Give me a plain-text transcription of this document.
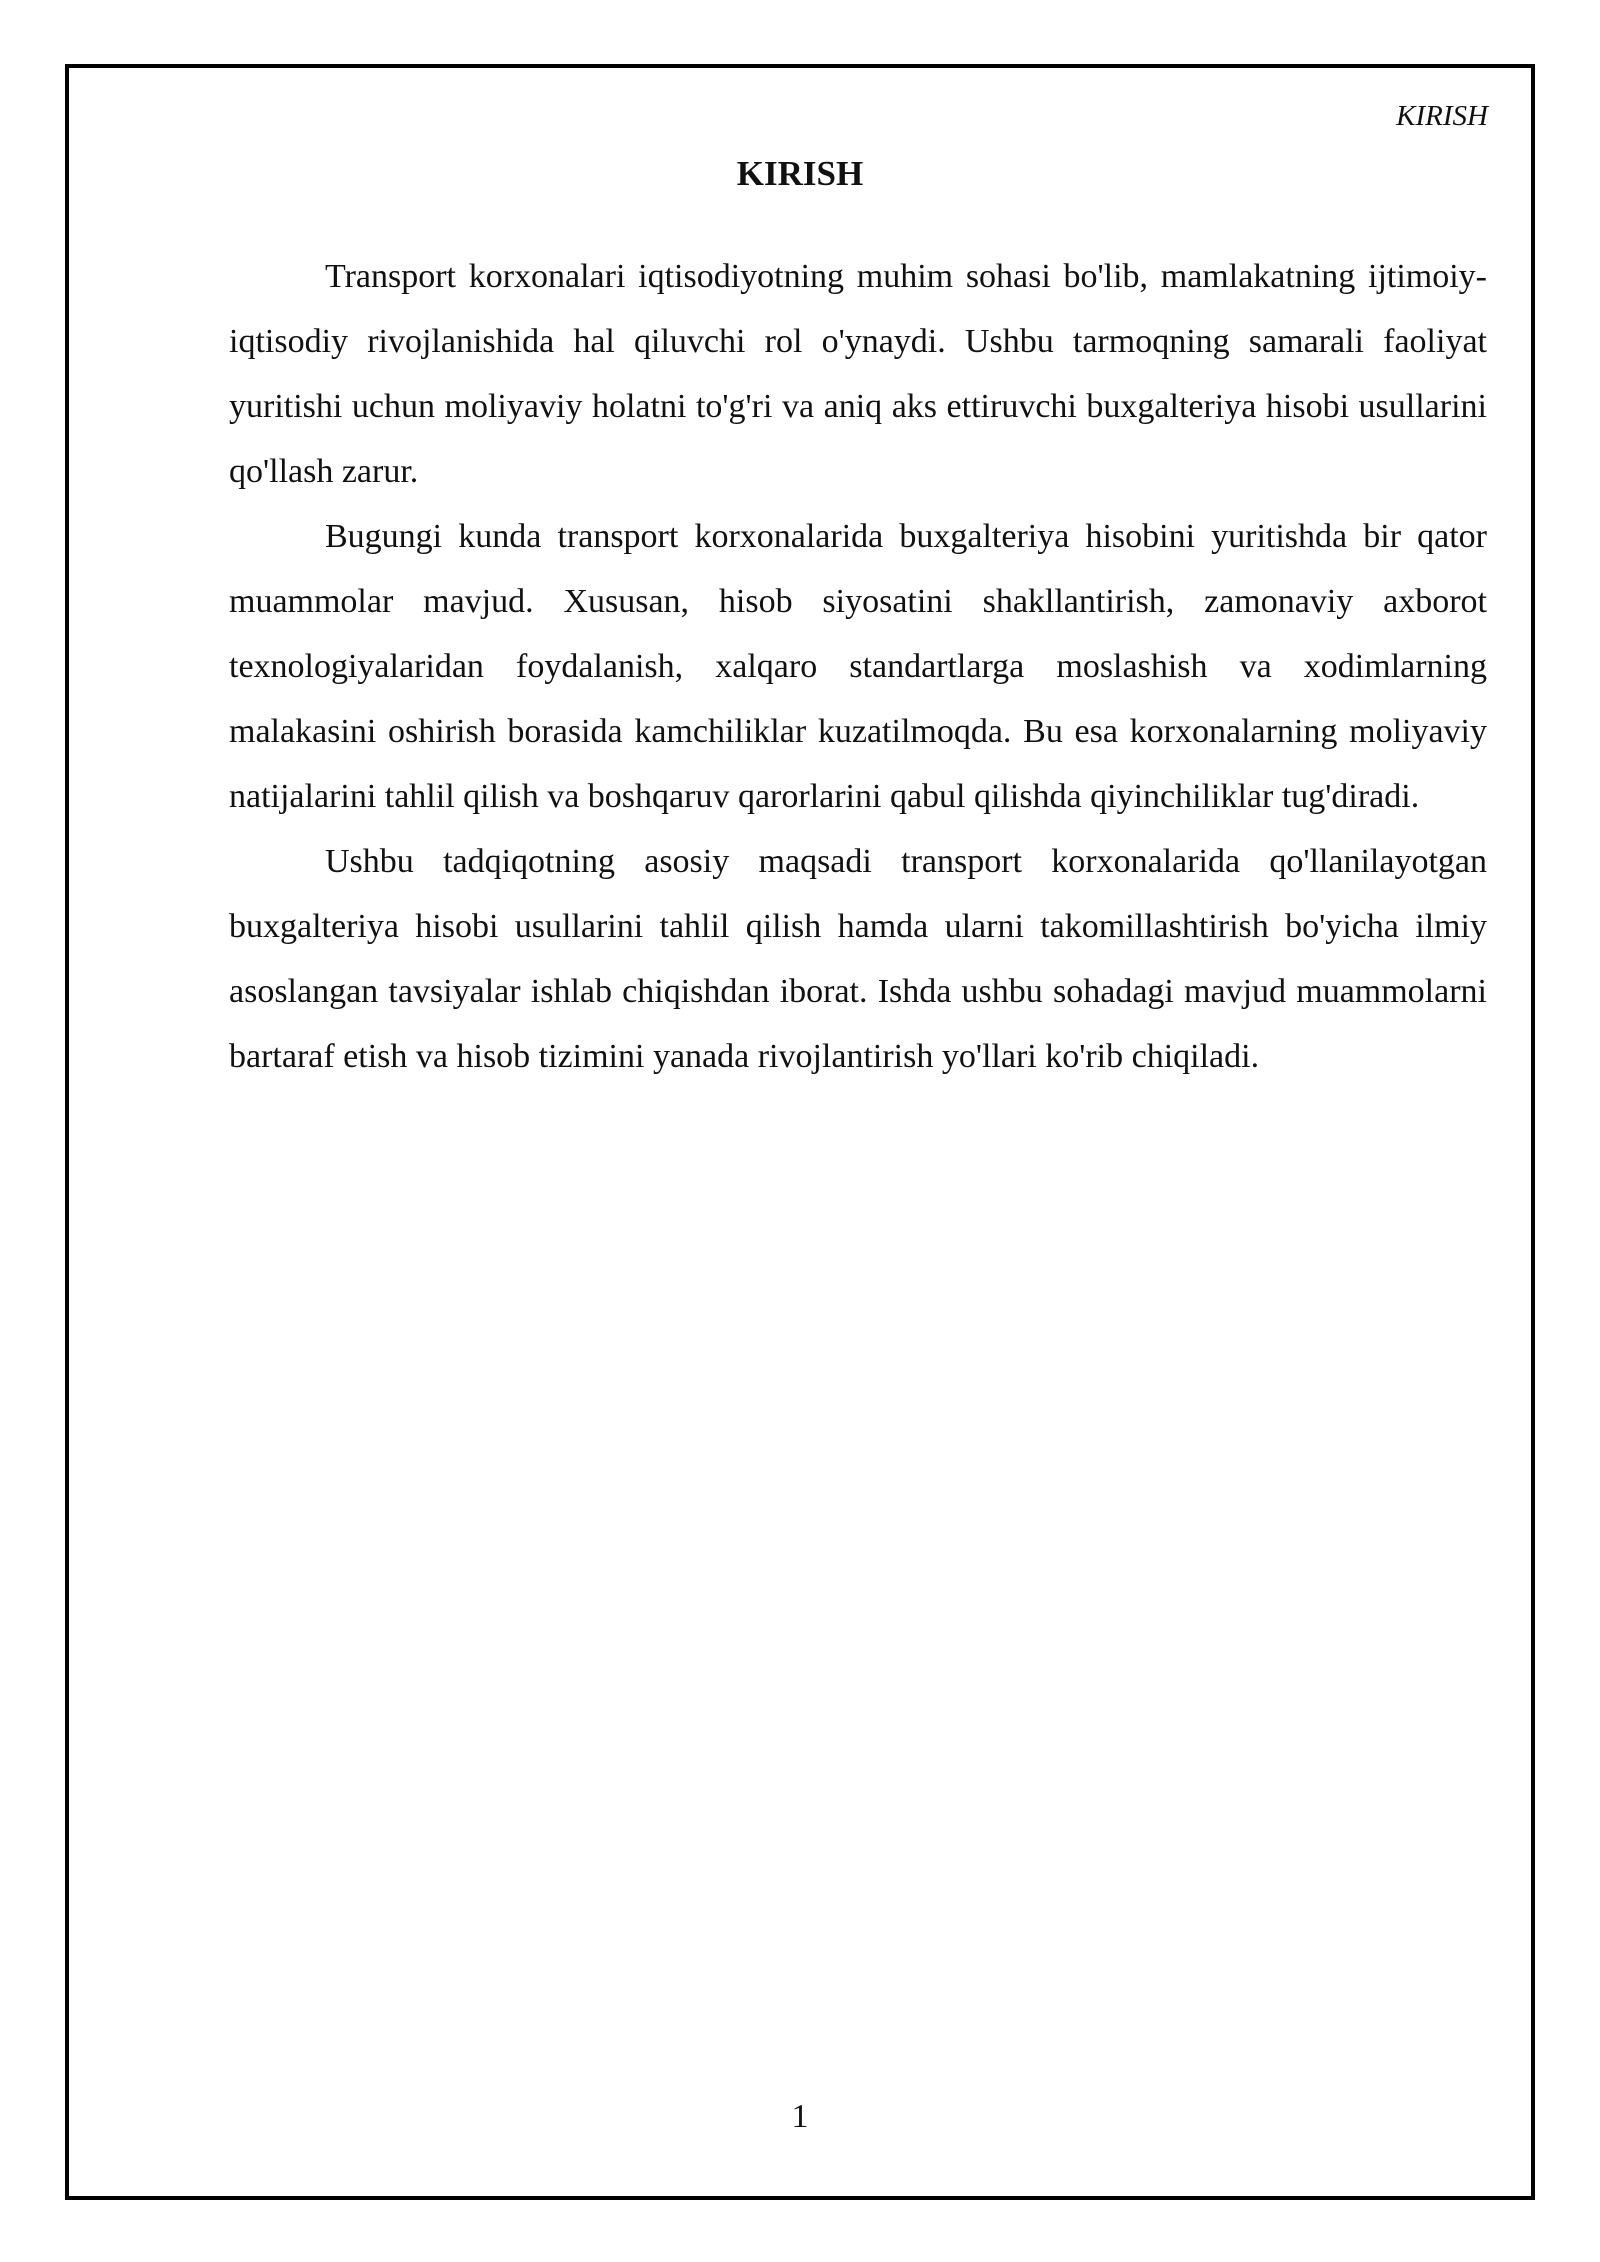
KIRISH
KIRISH

Transport korxonalari iqtisodiyotning muhim sohasi bo'lib, mamlakatning ijtimoiy-iqtisodiy rivojlanishida hal qiluvchi rol o'ynaydi. Ushbu tarmoqning samarali faoliyat yuritishi uchun moliyaviy holatni to'g'ri va aniq aks ettiruvchi buxgalteriya hisobi usullarini qo'llash zarur.

Bugungi kunda transport korxonalarida buxgalteriya hisobini yuritishda bir qator muammolar mavjud. Xususan, hisob siyosatini shakllantirish, zamonaviy axborot texnologiyalaridan foydalanish, xalqaro standartlarga moslashish va xodimlarning malakasini oshirish borasida kamchiliklar kuzatilmoqda. Bu esa korxonalarning moliyaviy natijalarini tahlil qilish va boshqaruv qarorlarini qabul qilishda qiyinchiliklar tug'diradi.

Ushbu tadqiqotning asosiy maqsadi transport korxonalarida qo'llanilayotgan buxgalteriya hisobi usullarini tahlil qilish hamda ularni takomillashtirish bo'yicha ilmiy asoslangan tavsiyalar ishlab chiqishdan iborat. Ishda ushbu sohadagi mavjud muammolarni bartaraf etish va hisob tizimini yanada rivojlantirish yo'llari ko'rib chiqiladi.

1
